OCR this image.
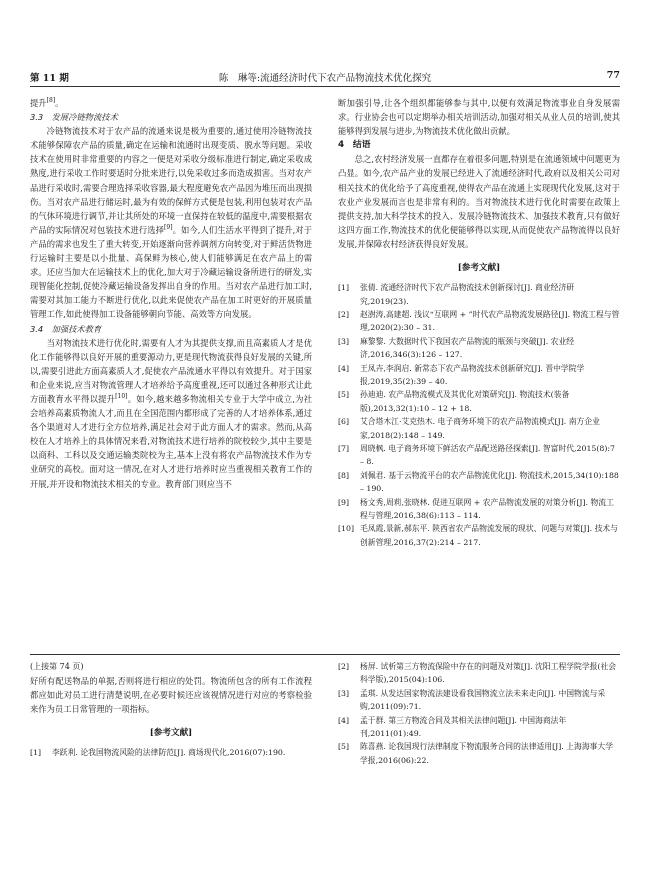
第 11 期	陈　琳等:流通经济时代下农产品物流技术优化探究	77

提升[8]。

3.3　发展冷链物流技术

冷链物流技术对于农产品的流通来说是极为重要的,通过使用冷链物流技术能够保障农产品的质量,确定在运输和流通时出现变质、脱水等问题。采收技术在使用时非常重要的内容之一便是对采收分级标准进行制定,确定采收成熟度,进行采收工作时要适时分批来进行,以免采收过多而造成损害。当对农产品进行采收时,需要合理选择采收容器,最大程度避免农产品因为堆压而出现损伤。当对农产品进行储运时,最为有效的保鲜方式便是包装,利用包装对农产品的气体环境进行调节,并让其所处的环境一直保持在较低的温度中,需要根据农产品的实际情况对包装技术进行选择[9]。如今,人们生活水平得到了提升,对于产品的需求也发生了重大转变,开始逐渐向营养调剂方向转变,对于鲜活货物进行运输时主要是以小批量、高保鲜为核心,使人们能够满足在农产品上的需求。还应当加大在运输技术上的优化,加大对于冷藏运输设备所进行的研发,实现智能化控制,促使冷藏运输设备发挥出自身的作用。当对农产品进行加工时,需要对其加工能力不断进行优化,以此来促使农产品在加工时更好的开展质量管理工作,如此使得加工设备能够朝向节能、高效等方向发展。

3.4　加强技术教育

当对物流技术进行优化时,需要有人才为其提供支撑,而且高素质人才是优化工作能够得以良好开展的重要源动力,更是现代物流获得良好发展的关键,所以,需要引进此方面高素质人才,促使农产品流通水平得以有效提升。对于国家和企业来说,应当对物流管理人才培养给予高度重视,还可以通过各种形式让此方面教育水平得以提升[10]。如今,越来越多物流相关专业于大学中成立,为社会培养高素质物流人才,而且在全国范围内都形成了完善的人才培养体系,通过各个渠道对人才进行全方位培养,满足社会对于此方面人才的需求。然而,从高校在人才培养上的具体情况来看,对物流技术进行培养的院校较少,其中主要是以商科、工科以及交通运输类院校为主,基本上没有将农产品物流技术作为专业研究的高校。面对这一情况,在对人才进行培养时应当重视相关教育工作的开展,并开设和物流技术相关的专业。教育部门则应当不

断加强引导,让各个组织都能够参与其中,以便有效满足物流事业自身发展需求。行业协会也可以定期举办相关培训活动,加强对相关从业人员的培训,使其能够得到发展与进步,为物流技术优化做出贡献。

4　结语

总之,农村经济发展一直都存在着很多问题,特别是在流通领域中问题更为凸显。如今,农产品产业的发展已经进入了流通经济时代,政府以及相关公司对相关技术的优化给予了高度重视,使得农产品在流通上实现现代化发展,这对于农业产业发展而言也是非常有利的。当对物流技术进行优化时需要在政策上提供支持,加大科学技术的投入、发展冷链物流技术、加强技术教育,只有做好这四方面工作,物流技术的优化便能够得以实现,从而促使农产品物流得以良好发展,并保障农村经济获得良好发展。

[参考文献]
[1] 张倩. 流通经济时代下农产品物流技术创新探讨[J]. 商业经济研究,2019(23).
[2] 赵澍涛,高建超. 浅议“互联网 + ”时代农产品物流发展路径[J]. 物流工程与管理,2020(2):30 – 31.
[3] 麻黎黎. 大数据时代下我国农产品物流的瓶颈与突破[J]. 农业经济,2016,346(3):126 – 127.
[4] 王凤卉,李润启. 新常态下农产品物流技术创新研究[J]. 晋中学院学报,2019,35(2):39 – 40.
[5] 孙迪迪. 农产品物流模式及其优化对策研究[J]. 物流技术(装备版),2013,32(1):10 – 12 + 18.
[6] 艾合塔木江·艾克热木. 电子商务环境下的农产品物流模式[J]. 南方企业家,2018(2):148 – 149.
[7] 周晓枫. 电子商务环境下鲜活农产品配送路径探索[J]. 智富时代,2015(8):7 – 8.
[8] 刘佩君. 基于云物流平台的农产品物流优化[J]. 物流技术,2015,34(10):188 – 190.
[9] 杨文秀,周莉,张晓林. 促进互联网 + 农产品物流发展的对策分析[J]. 物流工程与管理,2016,38(6):113 – 114.
[10] 毛凤霞,景新,郝东平. 陕西省农产品物流发展的现状、问题与对策[J]. 技术与创新管理,2016,37(2):214 – 217.

(上接第 74 页)

好所有配送物品的单据,否则将进行相应的处罚。物流所包含的所有工作流程都应如此对员工进行清楚说明,在必要时候还应该视情况进行对应的考察检验来作为员工日常管理的一项指标。

[参考文献]
[1] 李跃利. 论我国物流风险的法律防范[J]. 商场现代化,2016(07):190.
[2] 杨屏. 试析第三方物流保险中存在的问题及对策[J]. 沈阳工程学院学报(社会科学版),2015(04):106.
[3] 孟琪. 从发达国家物流法建设看我国物流立法未来走向[J]. 中国物流与采购,2011(09):71.
[4] 孟于群. 第三方物流合同及其相关法律问题[J]. 中国海商法年刊,2011(01):49.
[5] 陈喜燕. 论我国现行法律制度下物流服务合同的法律适用[J]. 上海海事大学学报,2016(06):22.
